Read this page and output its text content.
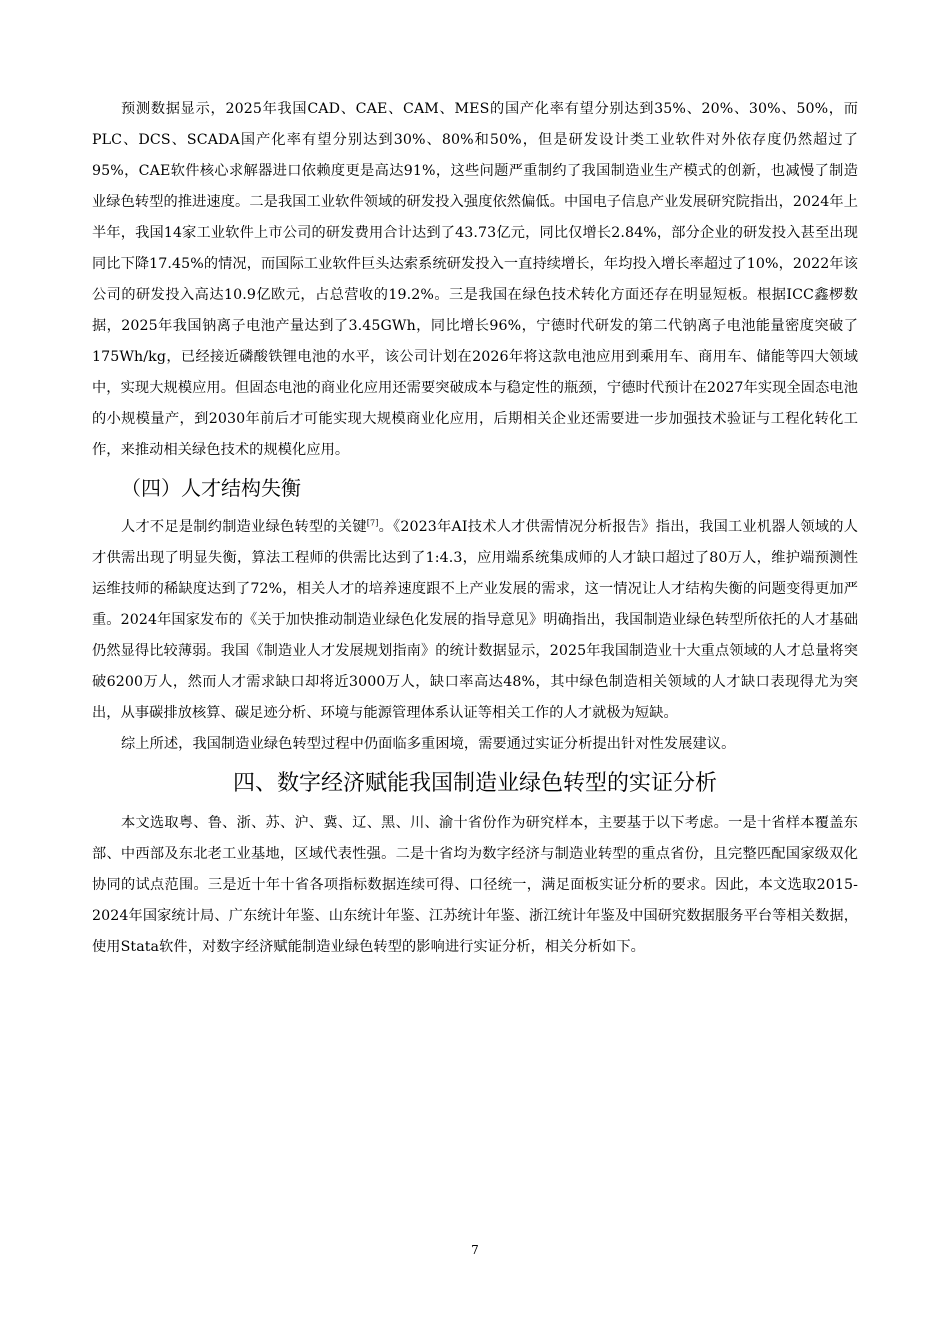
预测数据显示，2025年我国CAD、CAE、CAM、MES的国产化率有望分别达到35%、20%、30%、50%，而PLC、DCS、SCADA国产化率有望分别达到30%、80%和50%，但是研发设计类工业软件对外依存度仍然超过了95%，CAE软件核心求解器进口依赖度更是高达91%，这些问题严重制约了我国制造业生产模式的创新，也减慢了制造业绿色转型的推进速度。二是我国工业软件领域的研发投入强度依然偏低。中国电子信息产业发展研究院指出，2024年上半年，我国14家工业软件上市公司的研发费用合计达到了43.73亿元，同比仅增长2.84%，部分企业的研发投入甚至出现同比下降17.45%的情况，而国际工业软件巨头达索系统研发投入一直持续增长，年均投入增长率超过了10%，2022年该公司的研发投入高达10.9亿欧元，占总营收的19.2%。三是我国在绿色技术转化方面还存在明显短板。根据ICC鑫椤数据，2025年我国钠离子电池产量达到了3.45GWh，同比增长96%，宁德时代研发的第二代钠离子电池能量密度突破了175Wh/kg，已经接近磷酸铁锂电池的水平，该公司计划在2026年将这款电池应用到乘用车、商用车、储能等四大领域中，实现大规模应用。但固态电池的商业化应用还需要突破成本与稳定性的瓶颈，宁德时代预计在2027年实现全固态电池的小规模量产，到2030年前后才可能实现大规模商业化应用，后期相关企业还需要进一步加强技术验证与工程化转化工作，来推动相关绿色技术的规模化应用。

（四）人才结构失衡

人才不足是制约制造业绿色转型的关键[7]。《2023年AI技术人才供需情况分析报告》指出，我国工业机器人领域的人才供需出现了明显失衡，算法工程师的供需比达到了1:4.3，应用端系统集成师的人才缺口超过了80万人，维护端预测性运维技师的稀缺度达到了72%，相关人才的培养速度跟不上产业发展的需求，这一情况让人才结构失衡的问题变得更加严重。2024年国家发布的《关于加快推动制造业绿色化发展的指导意见》明确指出，我国制造业绿色转型所依托的人才基础仍然显得比较薄弱。我国《制造业人才发展规划指南》的统计数据显示，2025年我国制造业十大重点领域的人才总量将突破6200万人，然而人才需求缺口却将近3000万人，缺口率高达48%，其中绿色制造相关领域的人才缺口表现得尤为突出，从事碳排放核算、碳足迹分析、环境与能源管理体系认证等相关工作的人才就极为短缺。

综上所述，我国制造业绿色转型过程中仍面临多重困境，需要通过实证分析提出针对性发展建议。

四、数字经济赋能我国制造业绿色转型的实证分析

本文选取粤、鲁、浙、苏、沪、冀、辽、黑、川、渝十省份作为研究样本，主要基于以下考虑。一是十省样本覆盖东部、中西部及东北老工业基地，区域代表性强。二是十省均为数字经济与制造业转型的重点省份，且完整匹配国家级双化协同的试点范围。三是近十年十省各项指标数据连续可得、口径统一，满足面板实证分析的要求。因此，本文选取2015-2024年国家统计局、广东统计年鉴、山东统计年鉴、江苏统计年鉴、浙江统计年鉴及中国研究数据服务平台等相关数据，使用Stata软件，对数字经济赋能制造业绿色转型的影响进行实证分析，相关分析如下。

7
